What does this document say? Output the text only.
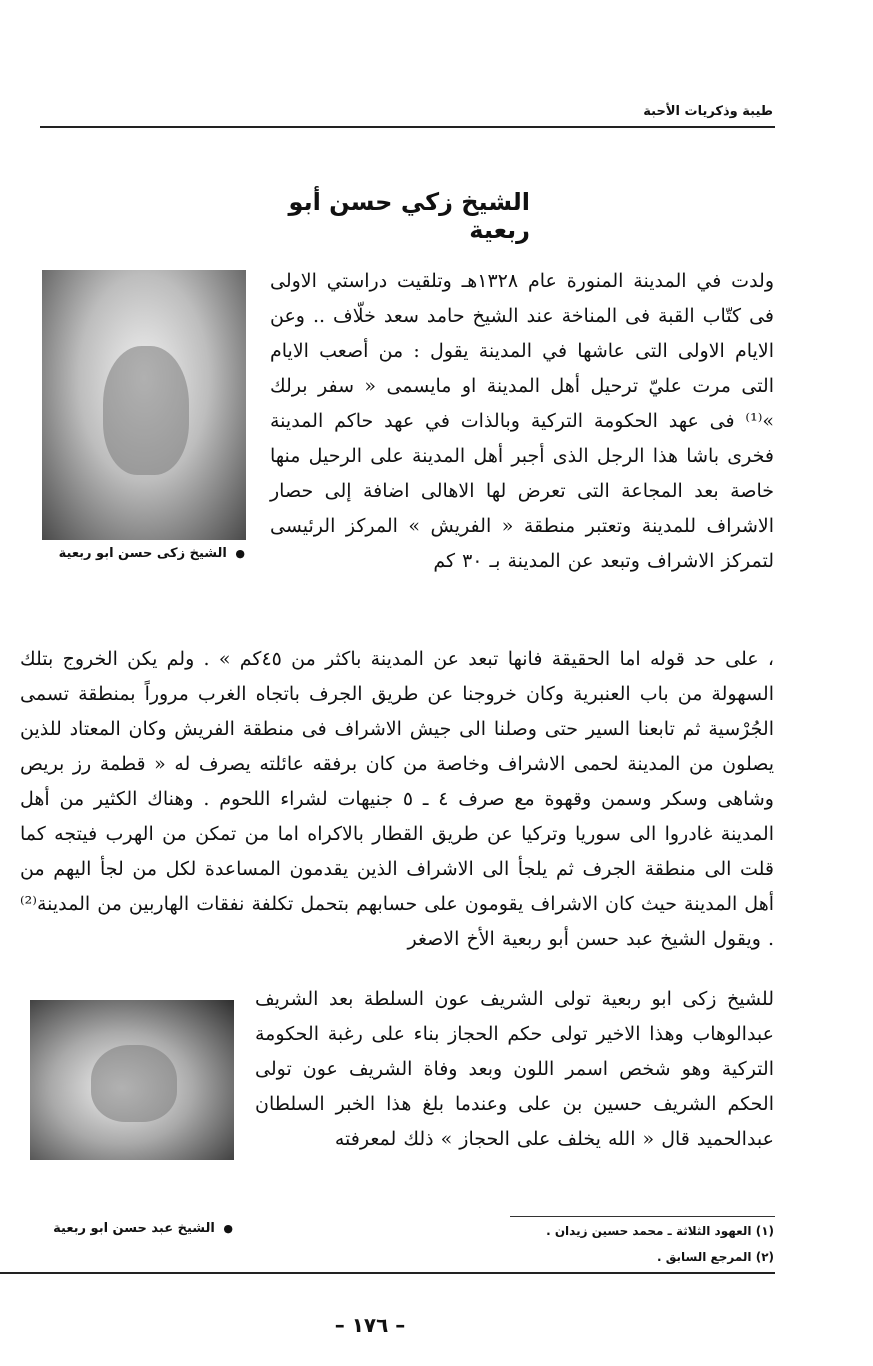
طيبة وذكريات الأحبة
الشيخ زكي حسن أبو ربعية
● الشيخ زكى حسن ابو ربعية
ولدت في المدينة المنورة عام ١٣٢٨هـ وتلقيت دراستي الاولى فى كتّاب القبة فى المناخة عند الشيخ حامد سعد خلّاف .. وعن الايام الاولى التى عاشها في المدينة يقول : من أصعب الايام التى مرت عليّ ترحيل أهل المدينة او مايسمى « سفر برلك »⁽¹⁾ فى عهد الحكومة التركية وبالذات في عهد حاكم المدينة فخرى باشا هذا الرجل الذى أجبر أهل المدينة على الرحيل منها خاصة بعد المجاعة التى تعرض لها الاهالى اضافة إلى حصار الاشراف للمدينة وتعتبر منطقة « الفريش » المركز الرئيسى لتمركز الاشراف وتبعد عن المدينة بـ ٣٠ كم
، على حد قوله اما الحقيقة فانها تبعد عن المدينة باكثر من ٤٥كم » . ولم يكن الخروج بتلك السهولة من باب العنبرية وكان خروجنا عن طريق الجرف باتجاه الغرب مروراً بمنطقة تسمى الجُرْسية ثم تابعنا السير حتى وصلنا الى جيش الاشراف فى منطقة الفريش وكان المعتاد للذين يصلون من المدينة لحمى الاشراف وخاصة من كان برفقه عائلته يصرف له « قطمة رز بريص وشاهى وسكر وسمن وقهوة مع صرف ٤ ـ ٥ جنيهات لشراء اللحوم . وهناك الكثير من أهل المدينة غادروا الى سوريا وتركيا عن طريق القطار بالاكراه اما من تمكن من الهرب فيتجه كما قلت الى منطقة الجرف ثم يلجأ الى الاشراف الذين يقدمون المساعدة لكل من لجأ اليهم من أهل المدينة حيث كان الاشراف يقومون على حسابهم بتحمل تكلفة نفقات الهاربين من المدينة⁽²⁾ . ويقول الشيخ عبد حسن أبو ربعية الأخ الاصغر
● الشيخ عبد حسن ابو ربعية
للشيخ زكى ابو ربعية تولى الشريف عون السلطة بعد الشريف عبدالوهاب وهذا الاخير تولى حكم الحجاز بناء على رغبة الحكومة التركية وهو شخص اسمر اللون وبعد وفاة الشريف عون تولى الحكم الشريف حسين بن على وعندما بلغ هذا الخبر السلطان عبدالحميد قال « الله يخلف على الحجاز » ذلك لمعرفته
(١) العهود الثلاثة ـ محمد حسين زيدان .
(٢) المرجع السابق .
– ١٧٦ –
